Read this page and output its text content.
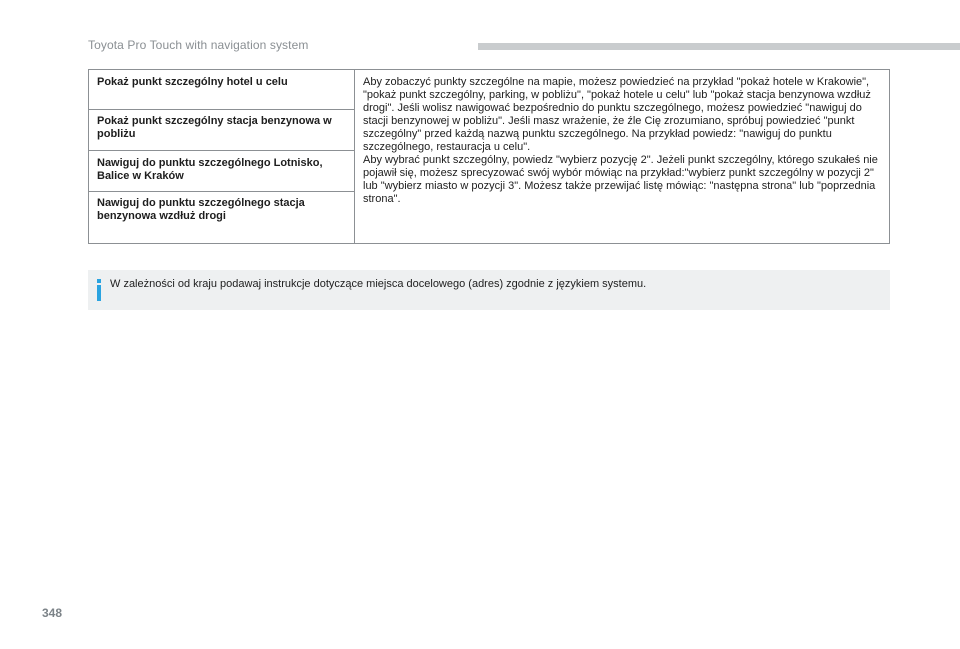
Toyota Pro Touch with navigation system
Pokaż punkt szczególny hotel u celu
Pokaż punkt szczególny stacja benzynowa w pobliżu
Nawiguj do punktu szczególnego Lotnisko, Balice w Kraków
Nawiguj do punktu szczególnego stacja benzynowa wzdłuż drogi

Aby zobaczyć punkty szczególne na mapie, możesz powiedzieć na przykład "pokaż hotele w Krakowie", "pokaż punkt szczególny, parking, w pobliżu", "pokaż hotele u celu" lub "pokaż stacja benzynowa wzdłuż drogi". Jeśli wolisz nawigować bezpośrednio do punktu szczególnego, możesz powiedzieć "nawiguj do stacji benzynowej w pobliżu". Jeśli masz wrażenie, że źle Cię zrozumiano, spróbuj powiedzieć "punkt szczególny" przed każdą nazwą punktu szczególnego. Na przykład powiedz: "nawiguj do punktu szczególnego, restauracja u celu".

Aby wybrać punkt szczególny, powiedz "wybierz pozycję 2". Jeżeli punkt szczególny, którego szukałeś nie pojawił się, możesz sprecyzować swój wybór mówiąc na przykład:"wybierz punkt szczególny w pozycji 2" lub "wybierz miasto w pozycji 3". Możesz także przewijać listę mówiąc: "następna strona" lub "poprzednia strona".

W zależności od kraju podawaj instrukcje dotyczące miejsca docelowego (adres) zgodnie z językiem systemu.
348
